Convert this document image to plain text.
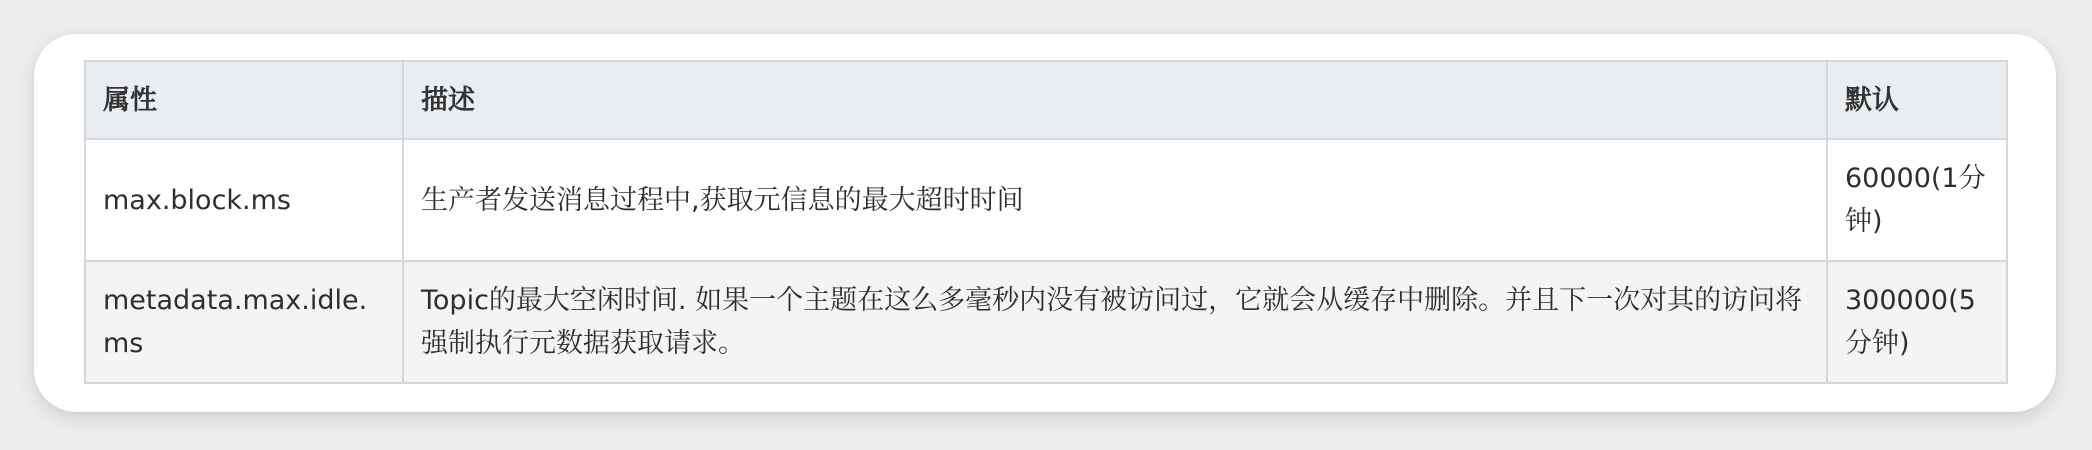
属性	描述	默认
max.block.ms	生产者发送消息过程中,获取元信息的最大超时时间	60000(1分钟)
metadata.max.idle.ms	Topic的最大空闲时间. 如果一个主题在这么多毫秒内没有被访问过，它就会从缓存中删除。并且下一次对其的访问将强制执行元数据获取请求。	300000(5分钟)
